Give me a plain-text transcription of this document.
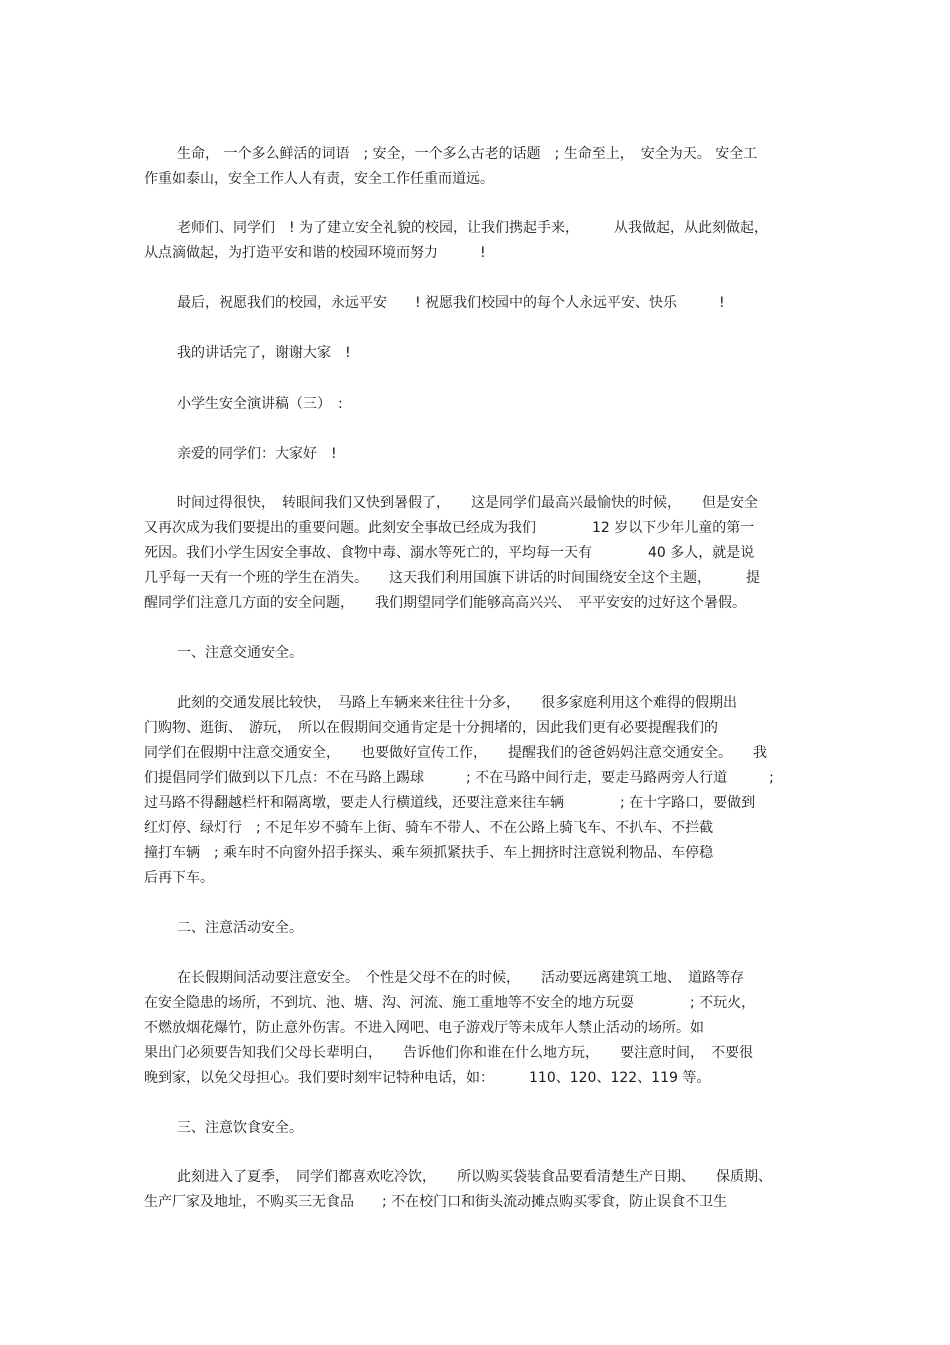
生命， 一个多么鲜活的词语　; 安全，一个多么古老的话题　; 生命至上，　安全为天。 安全工
作重如泰山，安全工作人人有责，安全工作任重而道远。
老师们、同学们　! 为了建立安全礼貌的校园，让我们携起手来，　　　从我做起，从此刻做起，
从点滴做起，为打造平安和谐的校园环境而努力　　　!
最后，祝愿我们的校园，永远平安　　! 祝愿我们校园中的每个人永远平安、快乐　　　!
我的讲话完了，谢谢大家　!
小学生安全演讲稿（三）　:
亲爱的同学们：大家好　!
时间过得很快，　转眼间我们又快到暑假了，　　这是同学们最高兴最愉快的时候，　　但是安全
又再次成为我们要提出的重要问题。此刻安全事故已经成为我们　　　　12 岁以下少年儿童的第一
死因。我们小学生因安全事故、食物中毒、溺水等死亡的，平均每一天有　　　　40 多人，就是说
几乎每一天有一个班的学生在消失。　　这天我们利用国旗下讲话的时间围绕安全这个主题，　　　提
醒同学们注意几方面的安全问题，　　我们期望同学们能够高高兴兴、　平平安安的过好这个暑假。
一、注意交通安全。
此刻的交通发展比较快，　马路上车辆来来往往十分多，　　很多家庭利用这个难得的假期出
门购物、逛街、　游玩，　所以在假期间交通肯定是十分拥堵的，因此我们更有必要提醒我们的
同学们在假期中注意交通安全，　　也要做好宣传工作，　　提醒我们的爸爸妈妈注意交通安全。　　我
们提倡同学们做到以下几点：不在马路上踢球　　　; 不在马路中间行走，要走马路两旁人行道　　　;
过马路不得翻越栏杆和隔离墩，要走人行横道线，还要注意来往车辆　　　　; 在十字路口，要做到
红灯停、绿灯行　; 不足年岁不骑车上街、骑车不带人、不在公路上骑飞车、不扒车、不拦截
撞打车辆　; 乘车时不向窗外招手探头、乘车须抓紧扶手、车上拥挤时注意锐利物品、车停稳
后再下车。
二、注意活动安全。
在长假期间活动要注意安全。　个性是父母不在的时候，　　活动要远离建筑工地、　道路等存
在安全隐患的场所，不到坑、池、塘、沟、河流、施工重地等不安全的地方玩耍　　　　; 不玩火，
不燃放烟花爆竹，防止意外伤害。不进入网吧、电子游戏厅等未成年人禁止活动的场所。如
果出门必须要告知我们父母长辈明白，　　告诉他们你和谁在什么地方玩，　　要注意时间，　不要很
晚到家，以免父母担心。我们要时刻牢记特种电话，如：　　　110、120、122、119 等。
三、注意饮食安全。
此刻进入了夏季，　同学们都喜欢吃冷饮，　　所以购买袋装食品要看清楚生产日期、　　保质期、
生产厂家及地址，不购买三无食品　　; 不在校门口和街头流动摊点购买零食，防止误食不卫生
